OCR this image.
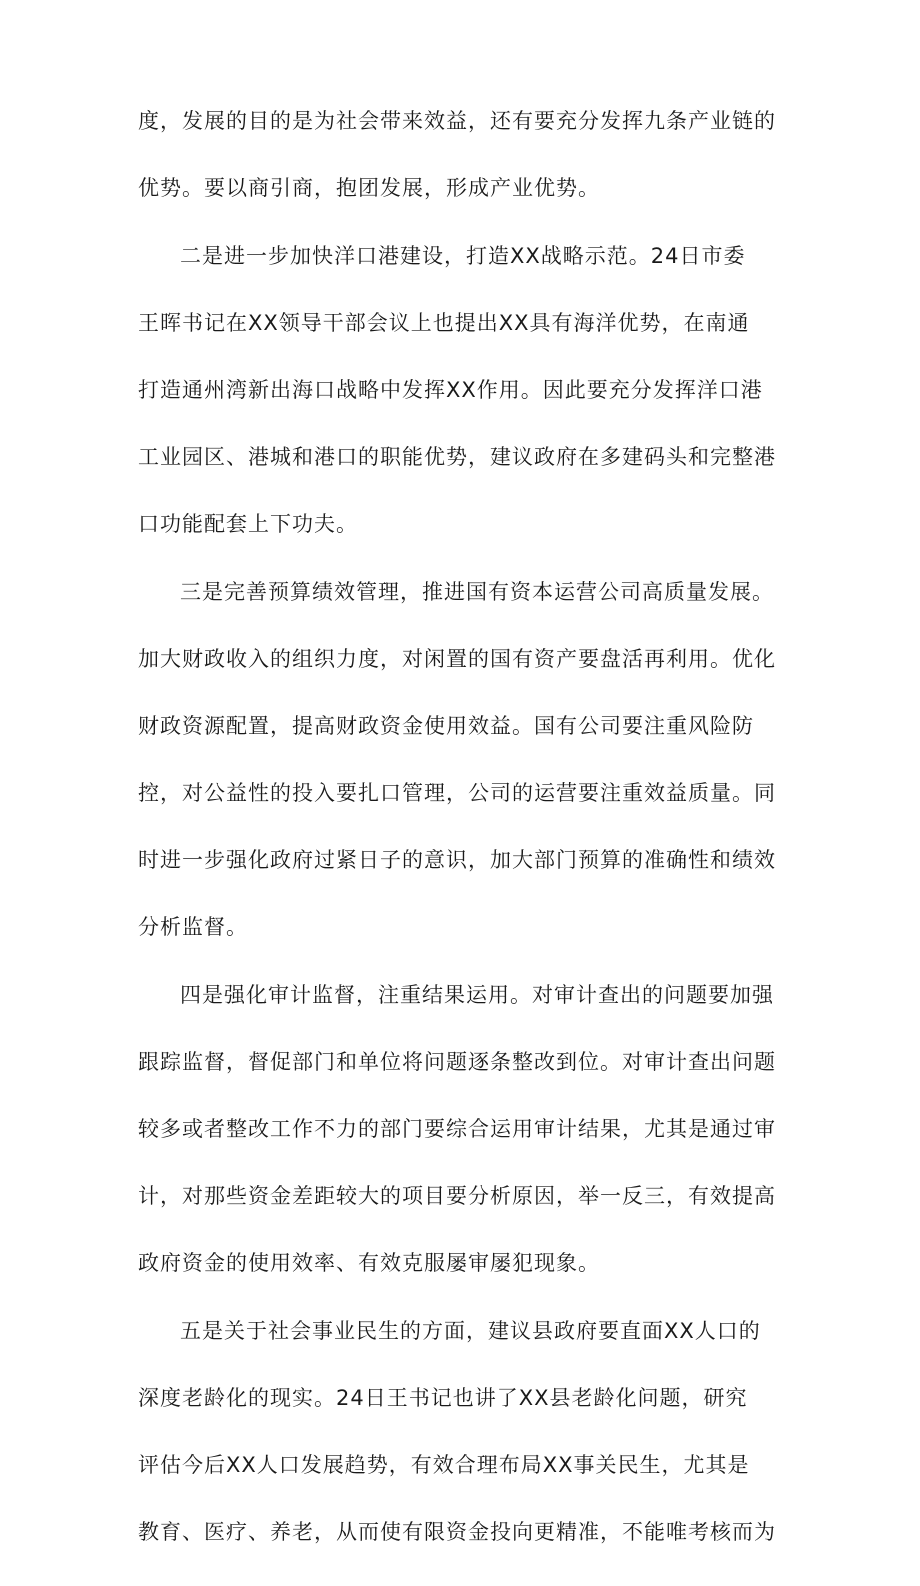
度，发展的目的是为社会带来效益，还有要充分发挥九条产业链的
优势。要以商引商，抱团发展，形成产业优势。
二是进一步加快洋口港建设，打造XX战略示范。24日市委
王晖书记在XX领导干部会议上也提出XX具有海洋优势，在南通
打造通州湾新出海口战略中发挥XX作用。因此要充分发挥洋口港
工业园区、港城和港口的职能优势，建议政府在多建码头和完整港
口功能配套上下功夫。
三是完善预算绩效管理，推进国有资本运营公司高质量发展。
加大财政收入的组织力度，对闲置的国有资产要盘活再利用。优化
财政资源配置，提高财政资金使用效益。国有公司要注重风险防
控，对公益性的投入要扎口管理，公司的运营要注重效益质量。同
时进一步强化政府过紧日子的意识，加大部门预算的准确性和绩效
分析监督。
四是强化审计监督，注重结果运用。对审计查出的问题要加强
跟踪监督，督促部门和单位将问题逐条整改到位。对审计查出问题
较多或者整改工作不力的部门要综合运用审计结果，尤其是通过审
计，对那些资金差距较大的项目要分析原因，举一反三，有效提高
政府资金的使用效率、有效克服屡审屡犯现象。
五是关于社会事业民生的方面，建议县政府要直面XX人口的
深度老龄化的现实。24日王书记也讲了XX县老龄化问题，研究
评估今后XX人口发展趋势，有效合理布局XX事关民生，尤其是
教育、医疗、养老，从而使有限资金投向更精准，不能唯考核而为
